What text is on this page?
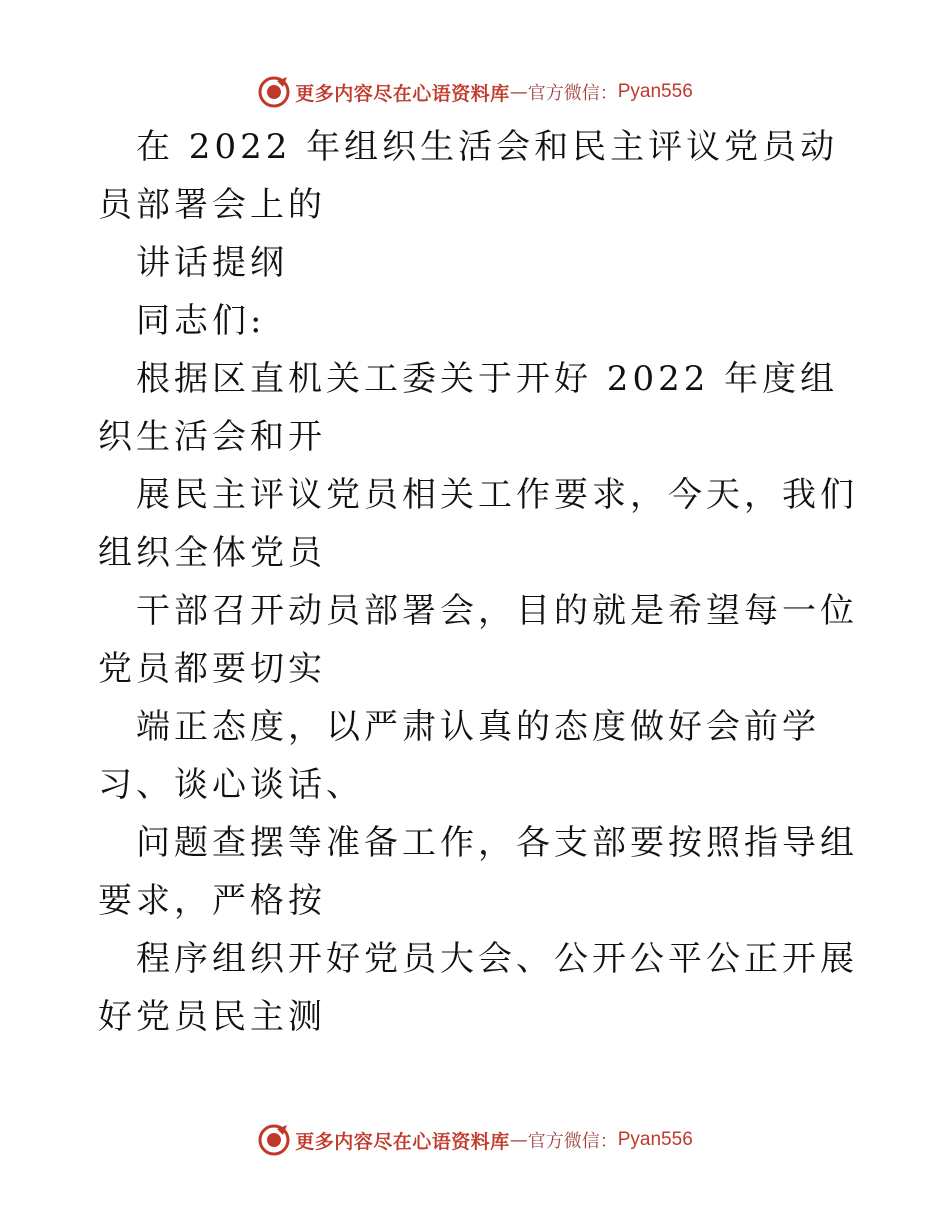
更多内容尽在心语资料库 — 官方微信： Pyan556

在 2022 年组织生活会和民主评议党员动员部署会上的

讲话提纲

同志们:

根据区直机关工委关于开好 2022 年度组织生活会和开

展民主评议党员相关工作要求，今天，我们组织全体党员

干部召开动员部署会，目的就是希望每一位党员都要切实

端正态度，以严肃认真的态度做好会前学习、谈心谈话、

问题查摆等准备工作，各支部要按照指导组要求，严格按

程序组织开好党员大会、公开公平公正开展好党员民主测

更多内容尽在心语资料库 — 官方微信： Pyan556
